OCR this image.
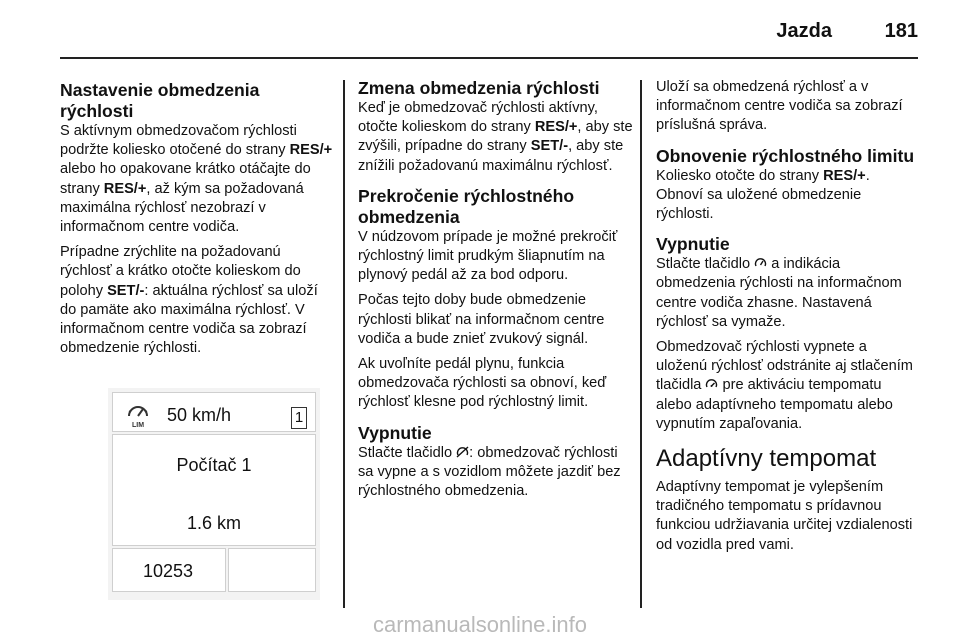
Jazda	181
Nastavenie obmedzenia
rýchlosti

S aktívnym obmedzovačom rýchlosti podržte koliesko otočené do strany RES/+ alebo ho opakovane krátko otáčajte do strany RES/+, až kým sa požadovaná maximálna rýchlosť nezobrazí v informačnom centre vodiča.

Prípadne zrýchlite na požadovanú rýchlosť a krátko otočte kolieskom do polohy SET/-: aktuálna rýchlosť sa uloží do pamäte ako maximálna rýchlosť. V informačnom centre vodiča sa zobrazí obmedzenie rýchlosti.

LIM
50 km/h	1
Počítač 1
1.6 km
10253
Zmena obmedzenia rýchlosti

Keď je obmedzovač rýchlosti aktívny, otočte kolieskom do strany RES/+, aby ste zvýšili, prípadne do strany SET/-, aby ste znížili požadovanú maximálnu rýchlosť.

Prekročenie rýchlostného
obmedzenia

V núdzovom prípade je možné prekročiť rýchlostný limit prudkým šliapnutím na plynový pedál až za bod odporu.

Počas tejto doby bude obmedzenie rýchlosti blikať na informačnom centre vodiča a bude znieť zvukový signál.

Ak uvoľníte pedál plynu, funkcia obmedzovača rýchlosti sa obnoví, keď rýchlosť klesne pod rýchlostný limit.

Vypnutie

Stlačte tlačidlo : obmedzovač rýchlosti sa vypne a s vozidlom môžete jazdiť bez rýchlostného obmedzenia.

Uloží sa obmedzená rýchlosť a v informačnom centre vodiča sa zobrazí príslušná správa.

Obnovenie rýchlostného limitu

Koliesko otočte do strany RES/+. Obnoví sa uložené obmedzenie rýchlosti.

Vypnutie

Stlačte tlačidlo  a indikácia obmedzenia rýchlosti na informačnom centre vodiča zhasne. Nastavená rýchlosť sa vymaže.

Obmedzovač rýchlosti vypnete a uloženú rýchlosť odstránite aj stlačením tlačidla  pre aktiváciu tempomatu alebo adaptívneho tempomatu alebo vypnutím zapaľovania.

Adaptívny tempomat

Adaptívny tempomat je vylepšením tradičného tempomatu s prídavnou funkciou udržiavania určitej vzdialenosti od vozidla pred vami.

carmanualsonline.info
